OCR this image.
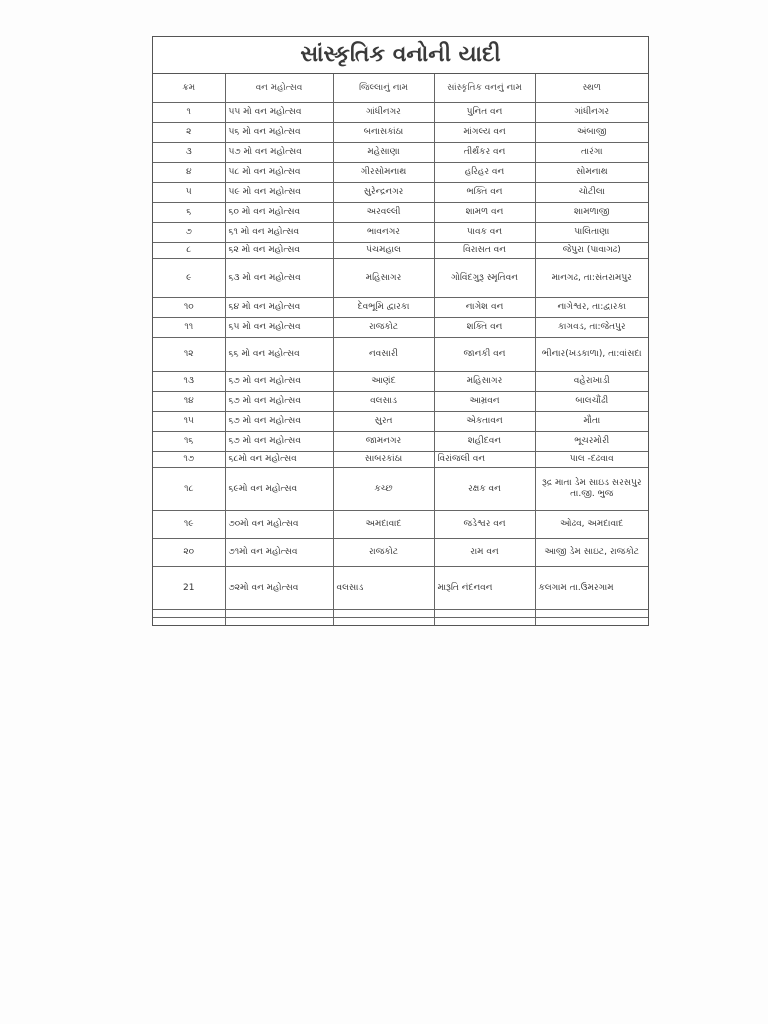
સાંસ્કૃતિક વનોની યાદી
ક્રમ	વન મહોત્સવ	જિલ્લાનું નામ	સાંસ્કૃતિક વનનું નામ	સ્થળ
૧	૫૫ મો વન મહોત્સવ	ગાંધીનગર	પુનિત વન	ગાંધીનગર
૨	૫૬ મો વન મહોત્સવ	બનાસકાંઠા	માંગલ્ય વન	અંબાજી
૩	૫૭ મો વન મહોત્સવ	મહેસાણા	તીર્થંકર વન	તારંગા
૪	૫૮ મો વન મહોત્સવ	ગીરસોમનાથ	હરિહર વન	સોમનાથ
૫	૫૯ મો વન મહોત્સવ	સુરેન્દ્રનગર	ભક્તિ વન	ચોટીલા
૬	૬૦ મો વન મહોત્સવ	અરવલ્લી	શામળ વન	શામળાજી
૭	૬૧ મો વન મહોત્સવ	ભાવનગર	પાવક વન	પાલિતાણા
૮	૬૨ મો વન મહોત્સવ	પંચમહાલ	વિરાસત વન	જેપુરા (પાવાગઢ)
૯	૬૩ મો વન મહોત્સવ	મહિસાગર	ગોવિંદગુરૂ સ્મૃતિવન	માનગઢ, તા:સંતરામપુર
૧૦	૬૪ મો વન મહોત્સવ	દેવભૂમિ દ્વારકા	નાગેશ વન	નાગેશ્વર, તા:દ્વારકા
૧૧	૬૫ મો વન મહોત્સવ	રાજકોટ	શક્તિ વન	કાગવડ, તા:જેતપુર
૧૨	૬૬ મો વન મહોત્સવ	નવસારી	જાનકી વન	ભીનાર(ખડકાળા), તા:વાંસદા
૧૩	૬૭ મો વન મહોત્સવ	આણંદ	મહિસાગર	વહેરાખાડી
૧૪	૬૭ મો વન મહોત્સવ	વલસાડ	આમ્રવન	બાલચૌંઢી
૧૫	૬૭ મો વન મહોત્સવ	સુરત	એકતાવન	મૌતા
૧૬	૬૭ મો વન મહોત્સવ	જામનગર	શહીદવન	ભૂચરમોરી
૧૭	૬૮મો વન મહોત્સવ	સાબરકાંઠા	વિરાંજલી વન	પાલ -દઢવાવ
૧૮	૬૯મો વન મહોત્સવ	કચ્છ	રક્ષક વન	રૂદ્ર માતા ડેમ સાઇડ સરસપુર તા.જી. ભુજ
૧૯	૭૦મો વન મહોત્સવ	અમદાવાદ	જડેશ્વર વન	ઓઢવ, અમદાવાદ
૨૦	૭૧મો વન મહોત્સવ	રાજકોટ	રામ વન	આજી ડેમ સાઇટ, રાજકોટ
21	૭૨મો વન મહોત્સવ	વલસાડ	મારૂતિ નંદનવન	કલગામ તા.ઉમરગામ
